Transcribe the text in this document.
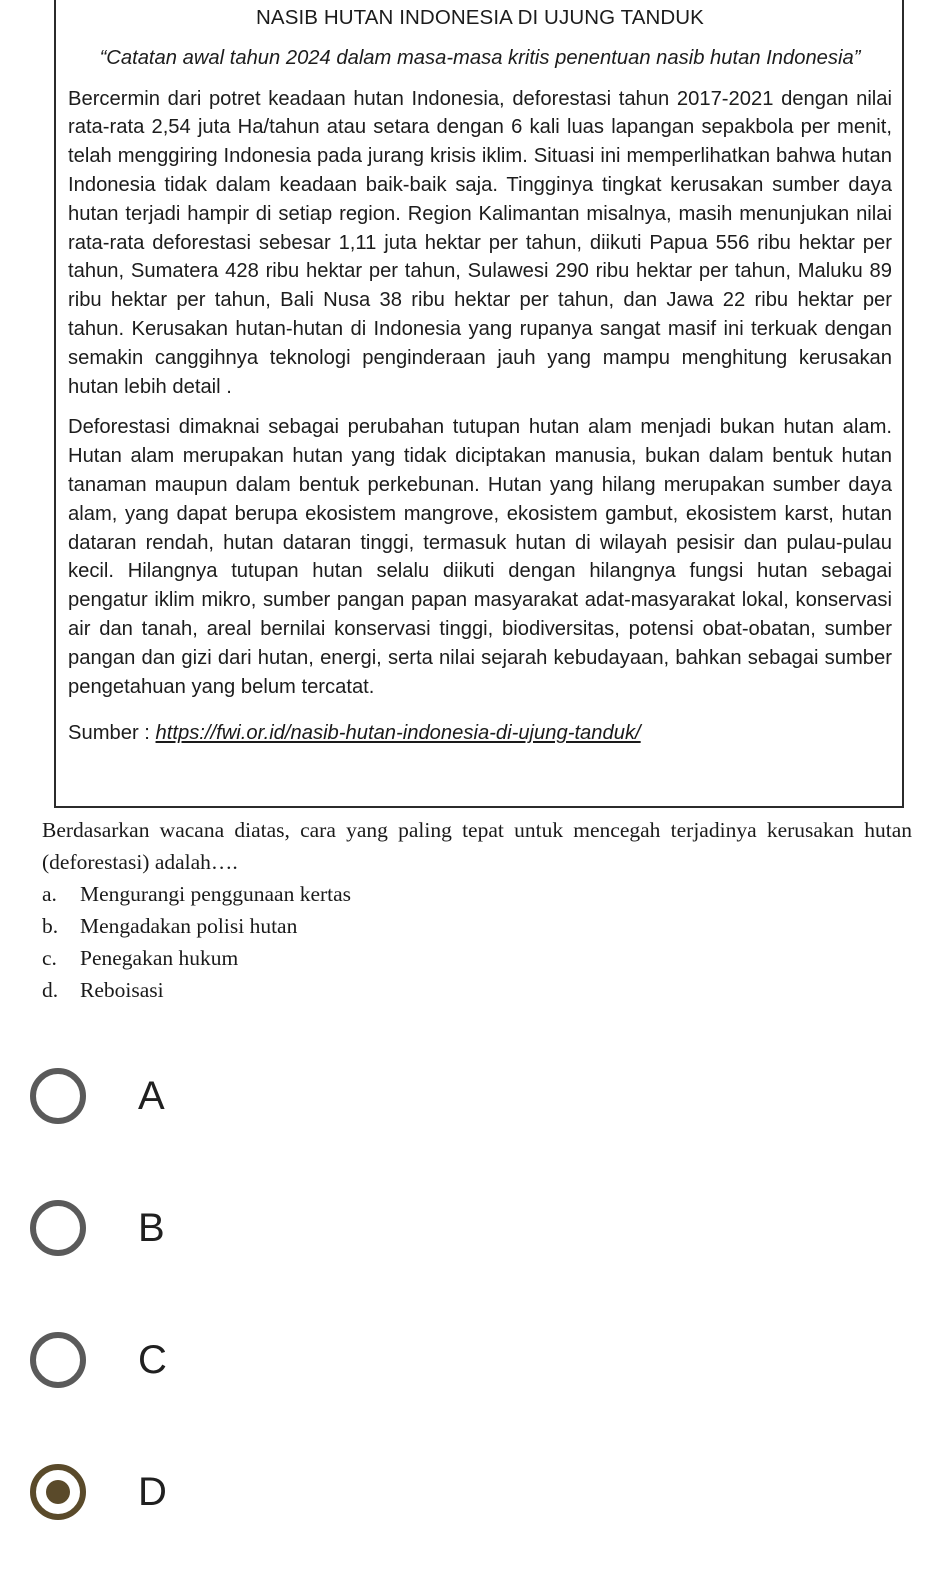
NASIB HUTAN INDONESIA DI UJUNG TANDUK
“Catatan awal tahun 2024 dalam masa-masa kritis penentuan nasib hutan Indonesia”

Bercermin dari potret keadaan hutan Indonesia, deforestasi tahun 2017-2021 dengan nilai rata-rata 2,54 juta Ha/tahun atau setara dengan 6 kali luas lapangan sepakbola per menit, telah menggiring Indonesia pada jurang krisis iklim. Situasi ini memperlihatkan bahwa hutan Indonesia tidak dalam keadaan baik-baik saja. Tingginya tingkat kerusakan sumber daya hutan terjadi hampir di setiap region. Region Kalimantan misalnya, masih menunjukan nilai rata-rata deforestasi sebesar 1,11 juta hektar per tahun, diikuti Papua 556 ribu hektar per tahun, Sumatera 428 ribu hektar per tahun, Sulawesi 290 ribu hektar per tahun, Maluku 89 ribu hektar per tahun, Bali Nusa 38 ribu hektar per tahun, dan Jawa 22 ribu hektar per tahun. Kerusakan hutan-hutan di Indonesia yang rupanya sangat masif ini terkuak dengan semakin canggihnya teknologi penginderaan jauh yang mampu menghitung kerusakan hutan lebih detail .

Deforestasi dimaknai sebagai perubahan tutupan hutan alam menjadi bukan hutan alam. Hutan alam merupakan hutan yang tidak diciptakan manusia, bukan dalam bentuk hutan tanaman maupun dalam bentuk perkebunan. Hutan yang hilang merupakan sumber daya alam, yang dapat berupa ekosistem mangrove, ekosistem gambut, ekosistem karst, hutan dataran rendah, hutan dataran tinggi, termasuk hutan di wilayah pesisir dan pulau-pulau kecil. Hilangnya tutupan hutan selalu diikuti dengan hilangnya fungsi hutan sebagai pengatur iklim mikro, sumber pangan papan masyarakat adat-masyarakat lokal, konservasi air dan tanah, areal bernilai konservasi tinggi, biodiversitas, potensi obat-obatan, sumber pangan dan gizi dari hutan, energi, serta nilai sejarah kebudayaan, bahkan sebagai sumber pengetahuan yang belum tercatat.

Sumber : https://fwi.or.id/nasib-hutan-indonesia-di-ujung-tanduk/

Berdasarkan wacana diatas, cara yang paling tepat untuk mencegah terjadinya kerusakan hutan (deforestasi) adalah….

a. Mengurangi penggunaan kertas
b. Mengadakan polisi hutan
c. Penegakan hukum
d. Reboisasi
A
B
C
D
